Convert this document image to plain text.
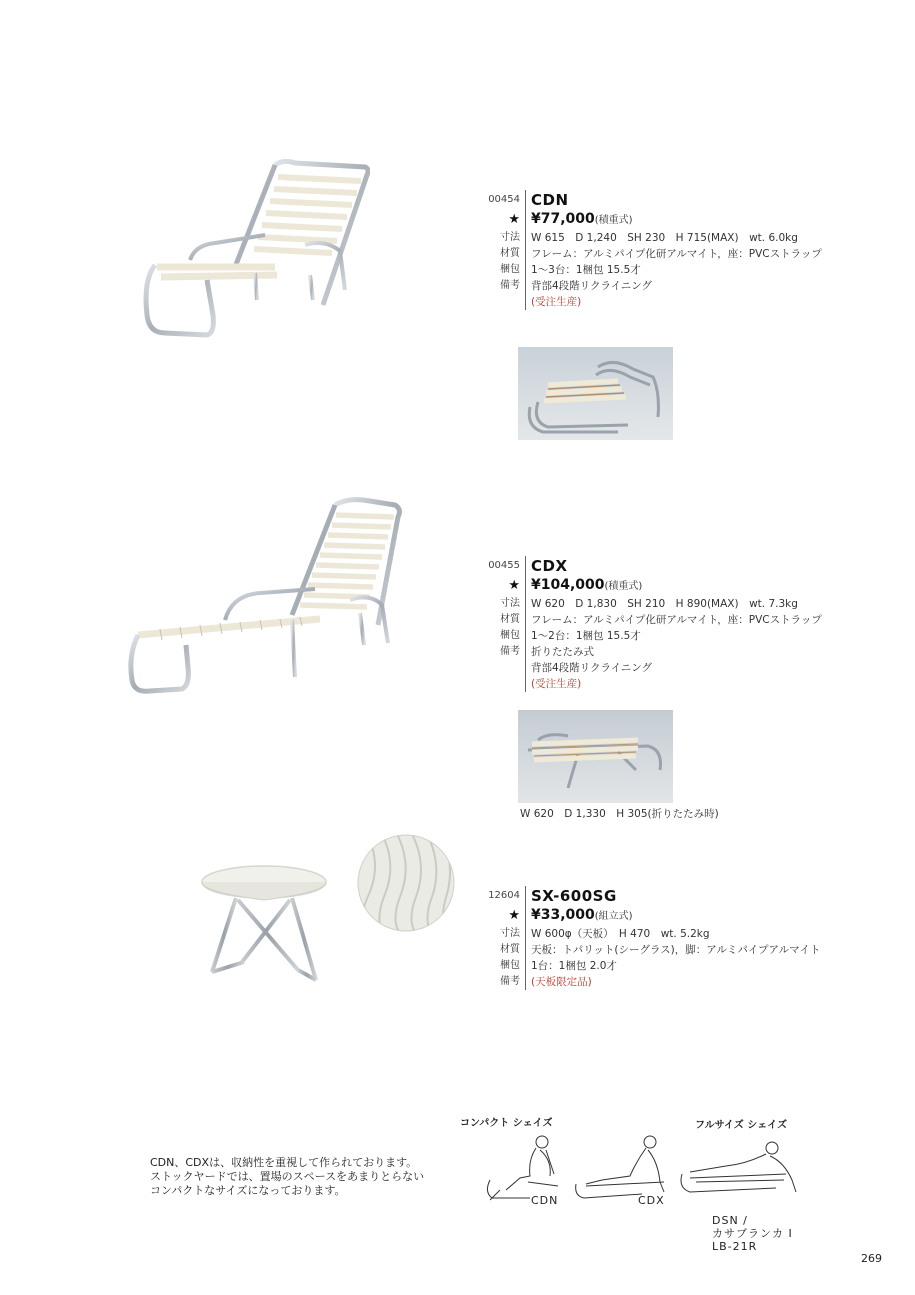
00454 CDN
★ ¥77,000(積重式)
寸法	W 615　D 1,240　SH 230　H 715(MAX)　wt. 6.0kg
材質	フレーム：アルミパイプ化研アルマイト，座：PVCストラップ
梱包	1～3台：1梱包 15.5才
備考	背部4段階リクライニング
(受注生産)
00455 CDX
★ ¥104,000(積重式)
寸法	W 620　D 1,830　SH 210　H 890(MAX)　wt. 7.3kg
材質	フレーム：アルミパイプ化研アルマイト，座：PVCストラップ
梱包	1～2台：1梱包 15.5才
備考	折りたたみ式
背部4段階リクライニング
(受注生産)
W 620　D 1,330　H 305(折りたたみ時)
12604 SX-600SG
★ ¥33,000(組立式)
寸法	W 600φ（天板）　H 470　wt. 5.2kg
材質	天板：トパリット(シーグラス)，脚：アルミパイプアルマイト
梱包	1台：1梱包 2.0才
備考	(天板限定品)
CDN、CDXは、収納性を重視して作られております。
ストックヤードでは、置場のスペースをあまりとらない
コンパクトなサイズになっております。
コンパクト シェイズ	フルサイズ シェイズ
CDN	CDX
DSN /
カサブランカ Ⅰ
LB-21R
269
